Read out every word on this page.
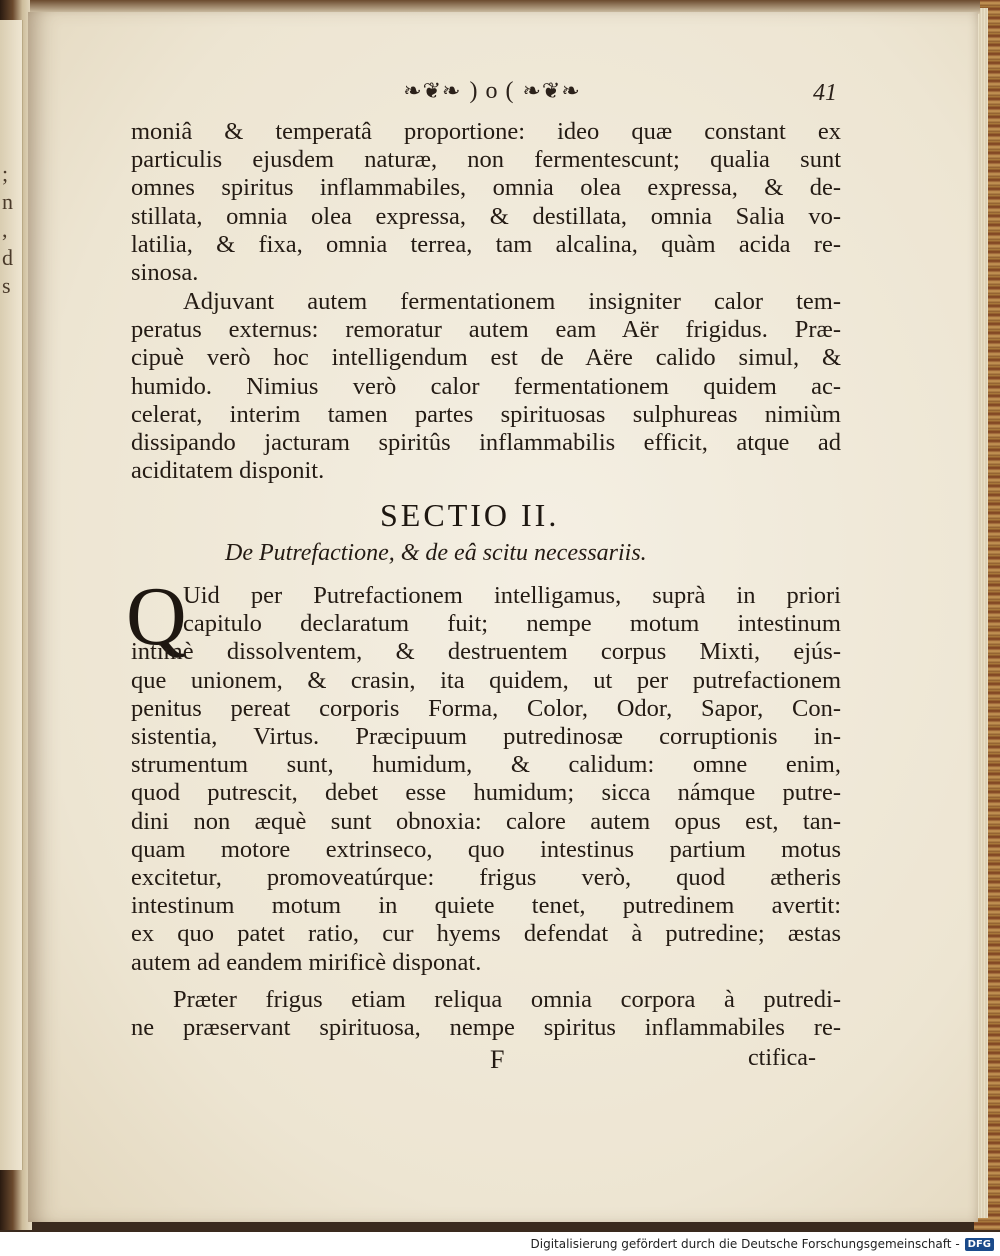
;
n
,
d
s
❧❦❧ ) o ( ❧❦❧	41
moniâ & temperatâ proportione: ideo quæ constant ex
particulis ejusdem naturæ, non fermentescunt; qualia sunt
omnes spiritus inflammabiles, omnia olea expressa, & de-
stillata, omnia olea expressa, & destillata, omnia Salia vo-
latilia, & fixa, omnia terrea, tam alcalina, quàm acida re-
sinosa.
Adjuvant autem fermentationem insigniter calor tem-
peratus externus: remoratur autem eam Aër frigidus. Præ-
cipuè verò hoc intelligendum est de Aëre calido simul, &
humido. Nimius verò calor fermentationem quidem ac-
celerat, interim tamen partes spirituosas sulphureas nimiùm
dissipando jacturam spiritûs inflammabilis efficit, atque ad
aciditatem disponit.
SECTIO II.
De Putrefactione, & de eâ scitu necessariis.
Q
Uid per Putrefactionem intelligamus, suprà in priori
capitulo declaratum fuit; nempe motum intestinum
intimè dissolventem, & destruentem corpus Mixti, ejús-
que unionem, & crasin, ita quidem, ut per putrefactionem
penitus pereat corporis Forma, Color, Odor, Sapor, Con-
sistentia, Virtus. Præcipuum putredinosæ corruptionis in-
strumentum sunt, humidum, & calidum: omne enim,
quod putrescit, debet esse humidum; sicca námque putre-
dini non æquè sunt obnoxia: calore autem opus est, tan-
quam motore extrinseco, quo intestinus partium motus
excitetur, promoveatúrque: frigus verò, quod ætheris
intestinum motum in quiete tenet, putredinem avertit:
ex quo patet ratio, cur hyems defendat à putredine; æstas
autem ad eandem mirificè disponat.
Præter frigus etiam reliqua omnia corpora à putredi-
ne præservant spirituosa, nempe spiritus inflammabiles re-
F	ctifica-
Digitalisierung gefördert durch die Deutsche Forschungsgemeinschaft - DFG
